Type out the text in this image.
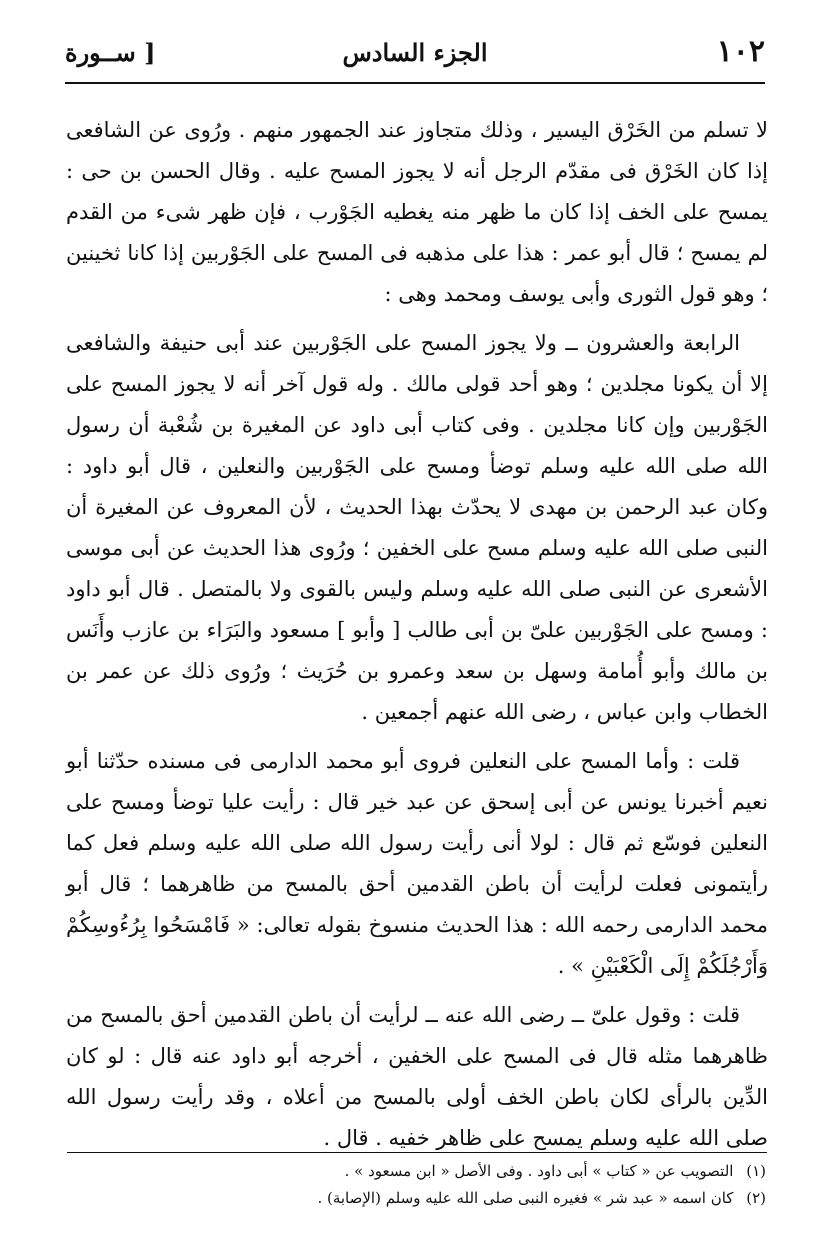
١٠٢
الجزء السادس
[ ســورة

لا تسلم من الخَرْق اليسير ، وذلك متجاوز عند الجمهور منهم . ورُوى عن الشافعى إذا كان الخَرْق فى مقدّم الرجل أنه لا يجوز المسح عليه . وقال الحسن بن حى : يمسح على الخف إذا كان ما ظهر منه يغطيه الجَوْرب ، فإن ظهر شىء من القدم لم يمسح ؛ قال أبو عمر : هذا على مذهبه فى المسح على الجَوْربين إذا كانا ثخينين ؛ وهو قول الثورى وأبى يوسف ومحمد وهى :

الرابعة والعشرون ــ ولا يجوز المسح على الجَوْربين عند أبى حنيفة والشافعى إلا أن يكونا مجلدين ؛ وهو أحد قولى مالك . وله قول آخر أنه لا يجوز المسح على الجَوْربين وإن كانا مجلدين . وفى كتاب أبى داود عن المغيرة بن شُعْبة أن رسول الله صلى الله عليه وسلم توضأ ومسح على الجَوْربين والنعلين ، قال أبو داود : وكان عبد الرحمن بن مهدى لا يحدّث بهذا الحديث ، لأن المعروف عن المغيرة أن النبى صلى الله عليه وسلم مسح على الخفين ؛ ورُوى هذا الحديث عن أبى موسى الأشعرى عن النبى صلى الله عليه وسلم وليس بالقوى ولا بالمتصل . قال أبو داود : ومسح على الجَوْربين علىّ بن أبى طالب [ وأبو ] مسعود والبَرَاء بن عازب وأَنَس بن مالك وأبو أُمامة وسهل بن سعد وعمرو بن حُرَيث ؛ ورُوى ذلك عن عمر بن الخطاب وابن عباس ، رضى الله عنهم أجمعين .

قلت : وأما المسح على النعلين فروى أبو محمد الدارمى فى مسنده حدّثنا أبو نعيم أخبرنا يونس عن أبى إسحق عن عبد خير قال : رأيت عليا توضأ ومسح على النعلين فوسّع ثم قال : لولا أنى رأيت رسول الله صلى الله عليه وسلم فعل كما رأيتمونى فعلت لرأيت أن باطن القدمين أحق بالمسح من ظاهرهما ؛ قال أبو محمد الدارمى رحمه الله : هذا الحديث منسوخ بقوله تعالى: « فَامْسَحُوا بِرُءُوسِكُمْ وَأَرْجُلَكُمْ إِلَى الْكَعْبَيْنِ » .

قلت : وقول علىّ ــ رضى الله عنه ــ لرأيت أن باطن القدمين أحق بالمسح من ظاهرهما مثله قال فى المسح على الخفين ، أخرجه أبو داود عنه قال : لو كان الدِّين بالرأى لكان باطن الخف أولى بالمسح من أعلاه ، وقد رأيت رسول الله صلى الله عليه وسلم يمسح على ظاهر خفيه . قال .

(١) التصويب عن « كتاب » أبى داود . وفى الأصل « ابن مسعود » .
(٢) كان اسمه « عبد شر » فغيره النبى صلى الله عليه وسلم (الإصابة) .
